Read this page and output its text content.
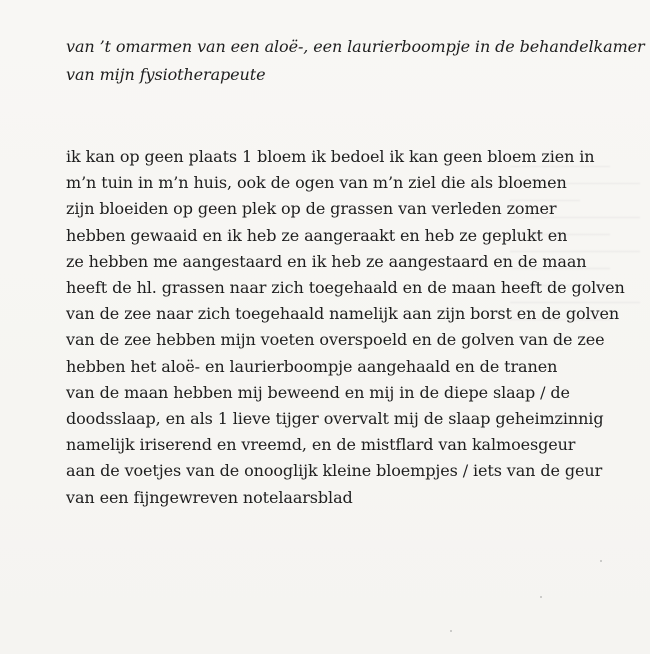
van ’t omarmen van een aloë-, een laurierboompje in de behandelkamer
van mijn fysiotherapeute
ik kan op geen plaats 1 bloem ik bedoel ik kan geen bloem zien in
m’n tuin in m’n huis, ook de ogen van m’n ziel die als bloemen
zijn bloeiden op geen plek op de grassen van verleden zomer
hebben gewaaid en ik heb ze aangeraakt en heb ze geplukt en
ze hebben me aangestaard en ik heb ze aangestaard en de maan
heeft de hl. grassen naar zich toegehaald en de maan heeft de golven
van de zee naar zich toegehaald namelijk aan zijn borst en de golven
van de zee hebben mijn voeten overspoeld en de golven van de zee
hebben het aloë- en laurierboompje aangehaald en de tranen
van de maan hebben mij beweend en mij in de diepe slaap / de
doodsslaap, en als 1 lieve tijger overvalt mij de slaap geheimzinnig
namelijk iriserend en vreemd, en de mistflard van kalmoesgeur
aan de voetjes van de onooglijk kleine bloempjes / iets van de geur
van een fijngewreven notelaarsblad
